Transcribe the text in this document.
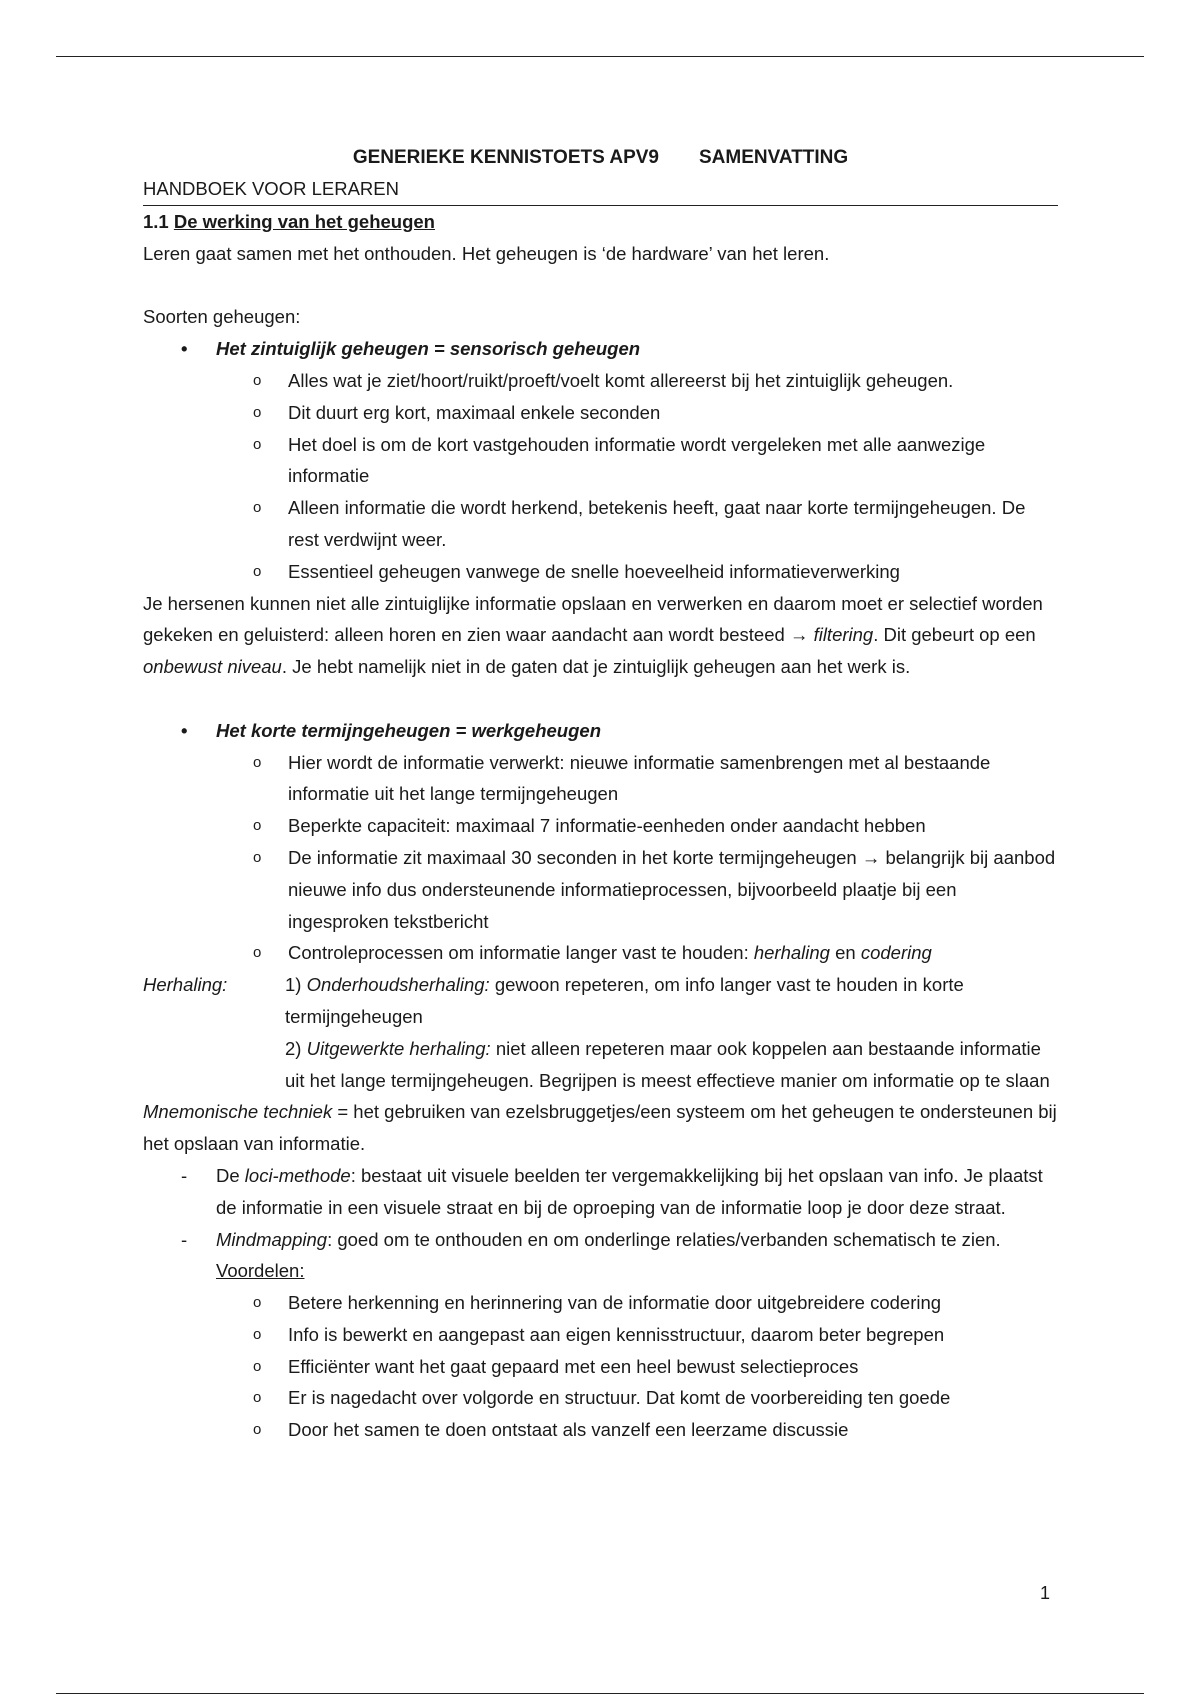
GENERIEKE KENNISTOETS APV9 SAMENVATTING
HANDBOEK VOOR LERAREN
1.1 De werking van het geheugen

Leren gaat samen met het onthouden. Het geheugen is ‘de hardware’ van het leren.

Soorten geheugen:

• Het zintuiglijk geheugen = sensorisch geheugen
o Alles wat je ziet/hoort/ruikt/proeft/voelt komt allereerst bij het zintuiglijk geheugen.
o Dit duurt erg kort, maximaal enkele seconden
o Het doel is om de kort vastgehouden informatie wordt vergeleken met alle aanwezige informatie
o Alleen informatie die wordt herkend, betekenis heeft, gaat naar korte termijngeheugen. De rest verdwijnt weer.
o Essentieel geheugen vanwege de snelle hoeveelheid informatieverwerking

Je hersenen kunnen niet alle zintuiglijke informatie opslaan en verwerken en daarom moet er selectief worden gekeken en geluisterd: alleen horen en zien waar aandacht aan wordt besteed → filtering. Dit gebeurt op een onbewust niveau. Je hebt namelijk niet in de gaten dat je zintuiglijk geheugen aan het werk is.

• Het korte termijngeheugen = werkgeheugen
o Hier wordt de informatie verwerkt: nieuwe informatie samenbrengen met al bestaande informatie uit het lange termijngeheugen
o Beperkte capaciteit: maximaal 7 informatie-eenheden onder aandacht hebben
o De informatie zit maximaal 30 seconden in het korte termijngeheugen → belangrijk bij aanbod nieuwe info dus ondersteunende informatieprocessen, bijvoorbeeld plaatje bij een ingesproken tekstbericht
o Controleprocessen om informatie langer vast te houden: herhaling en codering
Herhaling:	1) Onderhoudsherhaling: gewoon repeteren, om info langer vast te houden in korte termijngeheugen
2) Uitgewerkte herhaling: niet alleen repeteren maar ook koppelen aan bestaande informatie uit het lange termijngeheugen. Begrijpen is meest effectieve manier om informatie op te slaan

Mnemonische techniek = het gebruiken van ezelsbruggetjes/een systeem om het geheugen te ondersteunen bij het opslaan van informatie.

- De loci-methode: bestaat uit visuele beelden ter vergemakkelijking bij het opslaan van info. Je plaatst de informatie in een visuele straat en bij de oproeping van de informatie loop je door deze straat.
- Mindmapping: goed om te onthouden en om onderlinge relaties/verbanden schematisch te zien.     Voordelen:
o Betere herkenning en herinnering van de informatie door uitgebreidere codering
o Info is bewerkt en aangepast aan eigen kennisstructuur, daarom beter begrepen
o Efficiënter want het gaat gepaard met een heel bewust selectieproces
o Er is nagedacht over volgorde en structuur. Dat komt de voorbereiding ten goede
o Door het samen te doen ontstaat als vanzelf een leerzame discussie
1
